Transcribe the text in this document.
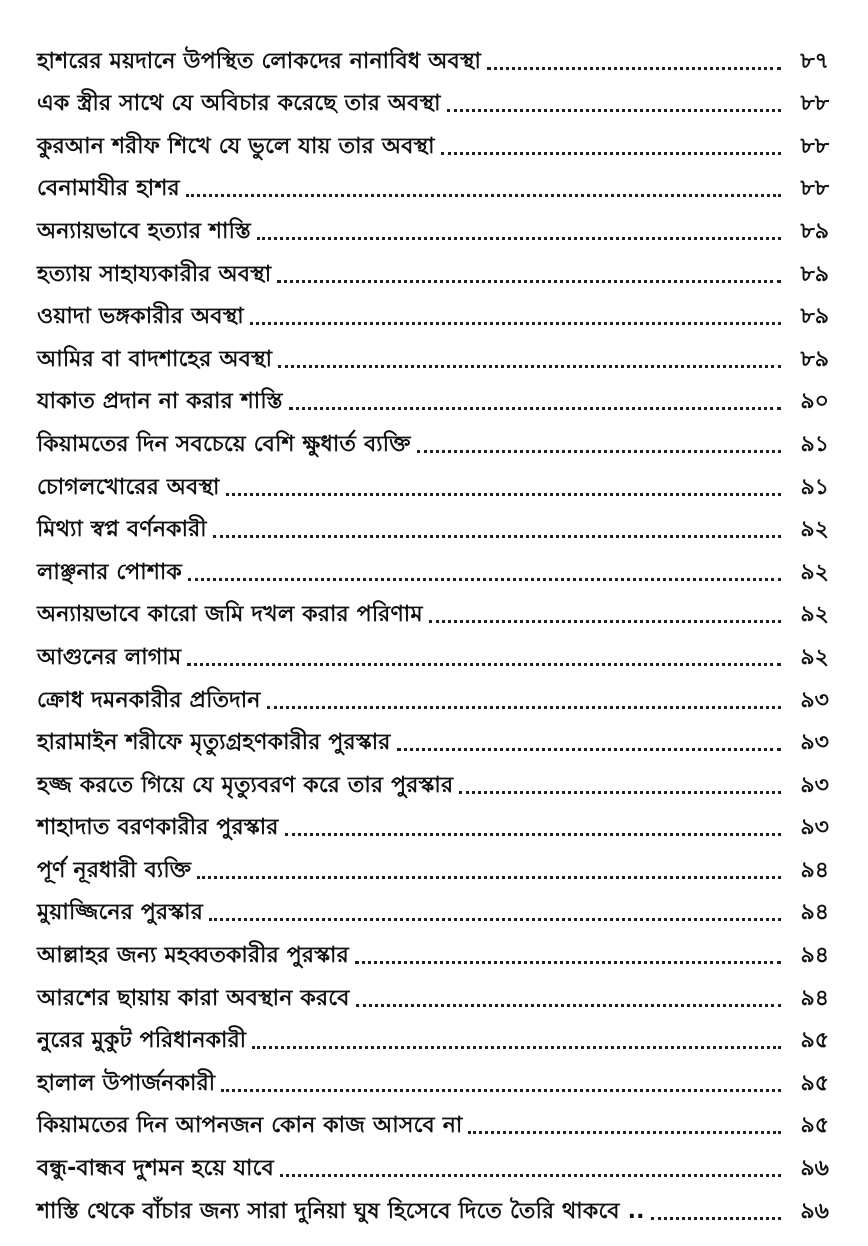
হাশরের ময়দানে উপস্থিত লোকদের নানাবিধ অবস্থা	৮৭
এক স্ত্রীর সাথে যে অবিচার করেছে তার অবস্থা	৮৮
কুরআন শরীফ শিখে যে ভুলে যায় তার অবস্থা	৮৮
বেনামাযীর হাশর	৮৮
অন্যায়ভাবে হত্যার শাস্তি	৮৯
হত্যায় সাহায্যকারীর অবস্থা	৮৯
ওয়াদা ভঙ্গকারীর অবস্থা	৮৯
আমির বা বাদশাহের অবস্থা	৮৯
যাকাত প্রদান না করার শাস্তি	৯০
কিয়ামতের দিন সবচেয়ে বেশি ক্ষুধার্ত ব্যক্তি	৯১
চোগলখোরের অবস্থা	৯১
মিথ্যা স্বপ্ন বর্ণনকারী	৯২
লাঞ্ছনার পোশাক	৯২
অন্যায়ভাবে কারো জমি দখল করার পরিণাম	৯২
আগুনের লাগাম	৯২
ক্রোধ দমনকারীর প্রতিদান	৯৩
হারামাইন শরীফে মৃত্যুগ্রহণকারীর পুরস্কার	৯৩
হজ্জ করতে গিয়ে যে মৃত্যুবরণ করে তার পুরস্কার	৯৩
শাহাদাত বরণকারীর পুরস্কার	৯৩
পূর্ণ নূরধারী ব্যক্তি	৯৪
মুয়াজ্জিনের পুরস্কার	৯৪
আল্লাহর জন্য মহব্বতকারীর পুরস্কার	৯৪
আরশের ছায়ায় কারা অবস্থান করবে	৯৪
নুরের মুকুট পরিধানকারী	৯৫
হালাল উপার্জনকারী	৯৫
কিয়ামতের দিন আপনজন কোন কাজ আসবে না	৯৫
বন্ধু-বান্ধব দুশমন হয়ে যাবে	৯৬
শাস্তি থেকে বাঁচার জন্য সারা দুনিয়া ঘুষ হিসেবে দিতে তৈরি থাকবে ..	৯৬
